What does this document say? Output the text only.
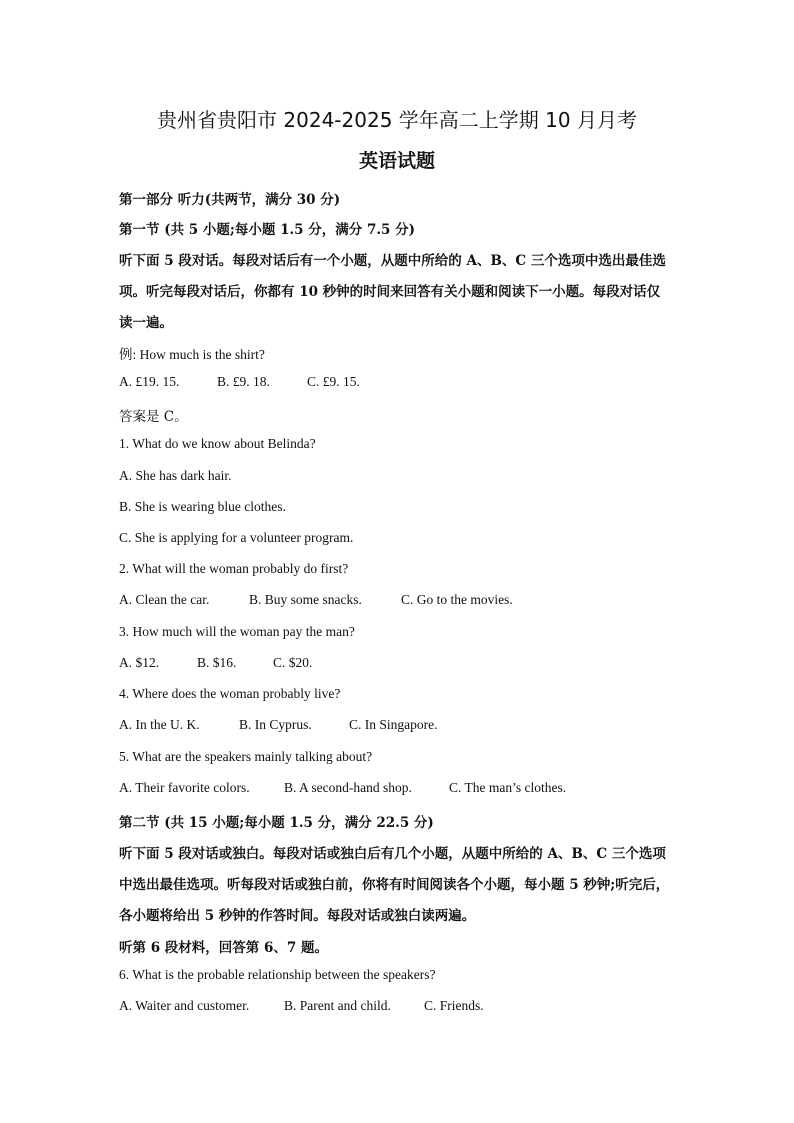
贵州省贵阳市 2024-2025 学年高二上学期 10 月月考
英语试题
第一部分 听力(共两节，满分 30 分)
第一节 (共 5 小题;每小题 1.5 分，满分 7.5 分)
听下面 5 段对话。每段对话后有一个小题，从题中所给的 A、B、C 三个选项中选出最佳选
项。听完每段对话后，你都有 10 秒钟的时间来回答有关小题和阅读下一小题。每段对话仅
读一遍。
例: How much is the shirt?
A. £19. 15.	B. £9. 18.	C. £9. 15.
答案是 C。
1. What do we know about Belinda?
A. She has dark hair.
B. She is wearing blue clothes.
C. She is applying for a volunteer program.
2. What will the woman probably do first?
A. Clean the car.	B. Buy some snacks.	C. Go to the movies.
3. How much will the woman pay the man?
A. $12.	B. $16.	C. $20.
4. Where does the woman probably live?
A. In the U. K.	B. In Cyprus.	C. In Singapore.
5. What are the speakers mainly talking about?
A. Their favorite colors.	B. A second-hand shop.	C. The man’s clothes.
第二节 (共 15 小题;每小题 1.5 分，满分 22.5 分)
听下面 5 段对话或独白。每段对话或独白后有几个小题，从题中所给的 A、B、C 三个选项
中选出最佳选项。听每段对话或独白前，你将有时间阅读各个小题，每小题 5 秒钟;听完后，
各小题将给出 5 秒钟的作答时间。每段对话或独白读两遍。
听第 6 段材料，回答第 6、7 题。
6. What is the probable relationship between the speakers?
A. Waiter and customer.	B. Parent and child. C. Friends.
